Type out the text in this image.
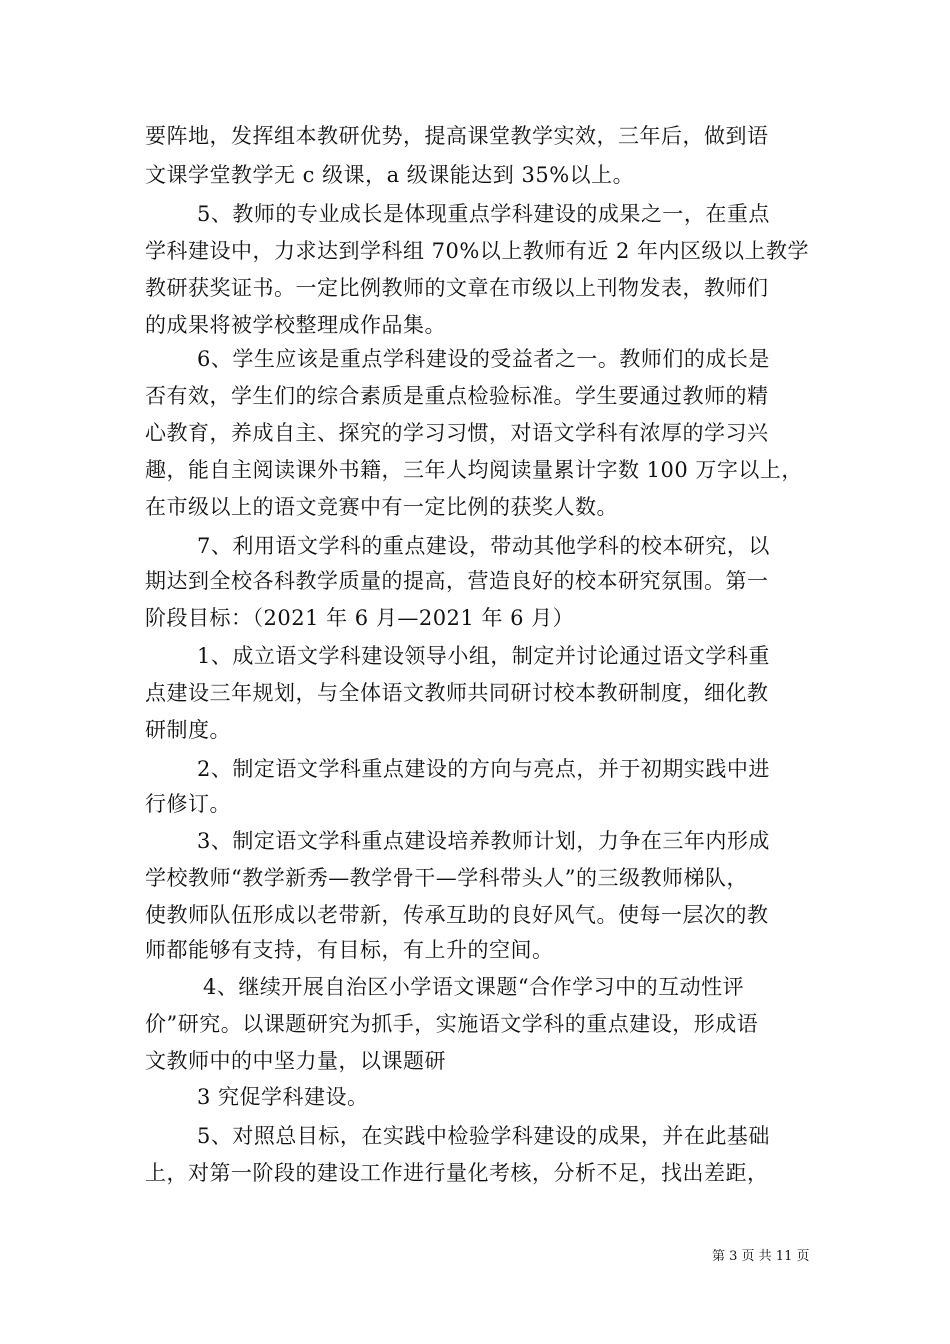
要阵地，发挥组本教研优势，提高课堂教学实效，三年后，做到语
文课学堂教学无 c 级课，a 级课能达到 35%以上。
5、教师的专业成长是体现重点学科建设的成果之一，在重点
学科建设中，力求达到学科组 70%以上教师有近 2 年内区级以上教学
教研获奖证书。一定比例教师的文章在市级以上刊物发表，教师们
的成果将被学校整理成作品集。
6、学生应该是重点学科建设的受益者之一。教师们的成长是
否有效，学生们的综合素质是重点检验标准。学生要通过教师的精
心教育，养成自主、探究的学习习惯，对语文学科有浓厚的学习兴
趣，能自主阅读课外书籍，三年人均阅读量累计字数 100 万字以上，
在市级以上的语文竞赛中有一定比例的获奖人数。
7、利用语文学科的重点建设，带动其他学科的校本研究，以
期达到全校各科教学质量的提高，营造良好的校本研究氛围。第一
阶段目标：（2021 年 6 月—2021 年 6 月）
1、成立语文学科建设领导小组，制定并讨论通过语文学科重
点建设三年规划，与全体语文教师共同研讨校本教研制度，细化教
研制度。
2、制定语文学科重点建设的方向与亮点，并于初期实践中进
行修订。
3、制定语文学科重点建设培养教师计划，力争在三年内形成
学校教师“教学新秀—教学骨干—学科带头人”的三级教师梯队，
使教师队伍形成以老带新，传承互助的良好风气。使每一层次的教
师都能够有支持，有目标，有上升的空间。
4、继续开展自治区小学语文课题“合作学习中的互动性评
价”研究。以课题研究为抓手，实施语文学科的重点建设，形成语
文教师中的中坚力量，以课题研
3 究促学科建设。
5、对照总目标，在实践中检验学科建设的成果，并在此基础
上，对第一阶段的建设工作进行量化考核，分析不足，找出差距，
第 3 页 共 11 页
